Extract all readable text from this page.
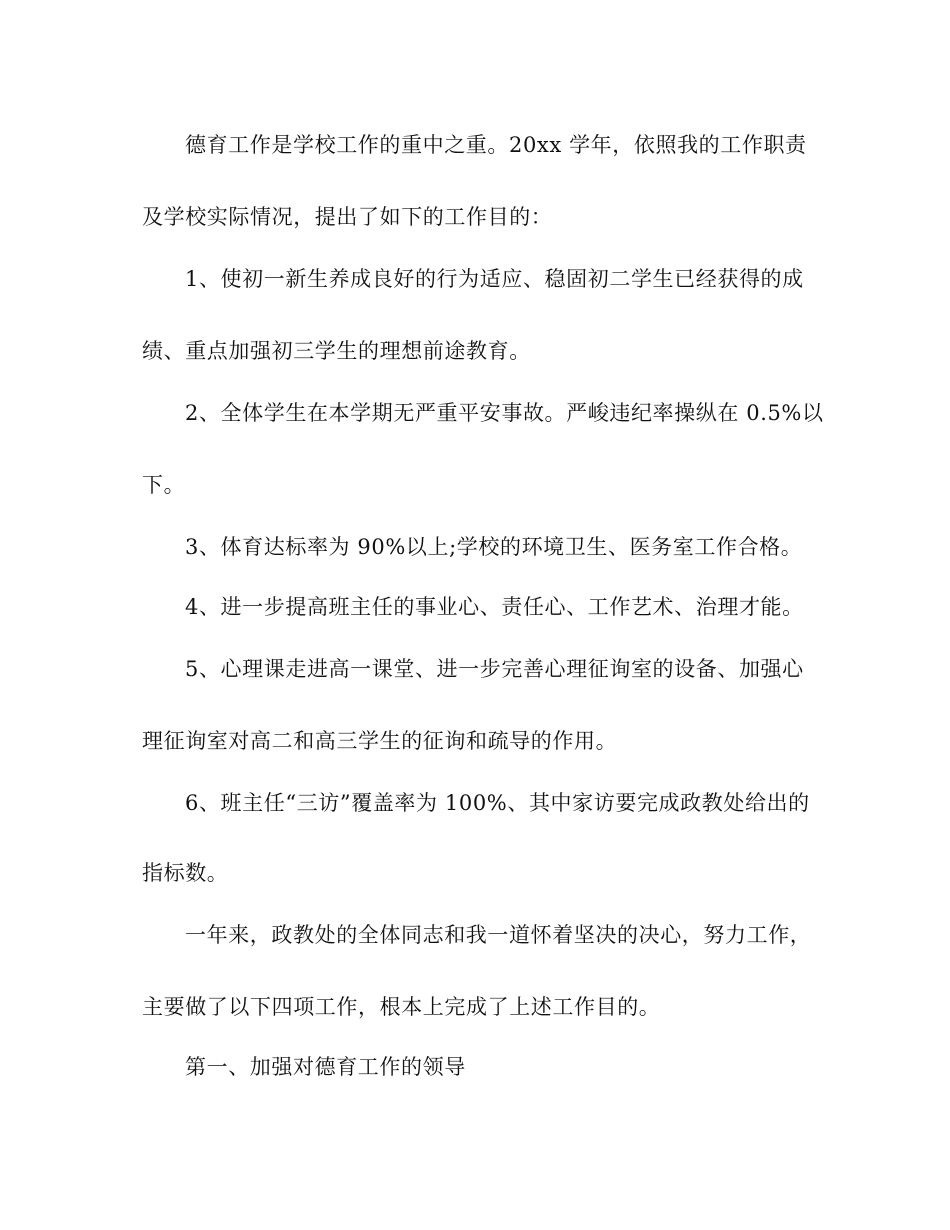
德育工作是学校工作的重中之重。20xx 学年，依照我的工作职责
及学校实际情况，提出了如下的工作目的：
1、使初一新生养成良好的行为适应、稳固初二学生已经获得的成
绩、重点加强初三学生的理想前途教育。
2、全体学生在本学期无严重平安事故。严峻违纪率操纵在 0.5%以
下。
3、体育达标率为 90%以上;学校的环境卫生、医务室工作合格。
4、进一步提高班主任的事业心、责任心、工作艺术、治理才能。
5、心理课走进高一课堂、进一步完善心理征询室的设备、加强心
理征询室对高二和高三学生的征询和疏导的作用。
6、班主任“三访”覆盖率为 100%、其中家访要完成政教处给出的
指标数。
一年来，政教处的全体同志和我一道怀着坚决的决心，努力工作，
主要做了以下四项工作，根本上完成了上述工作目的。
第一、加强对德育工作的领导
